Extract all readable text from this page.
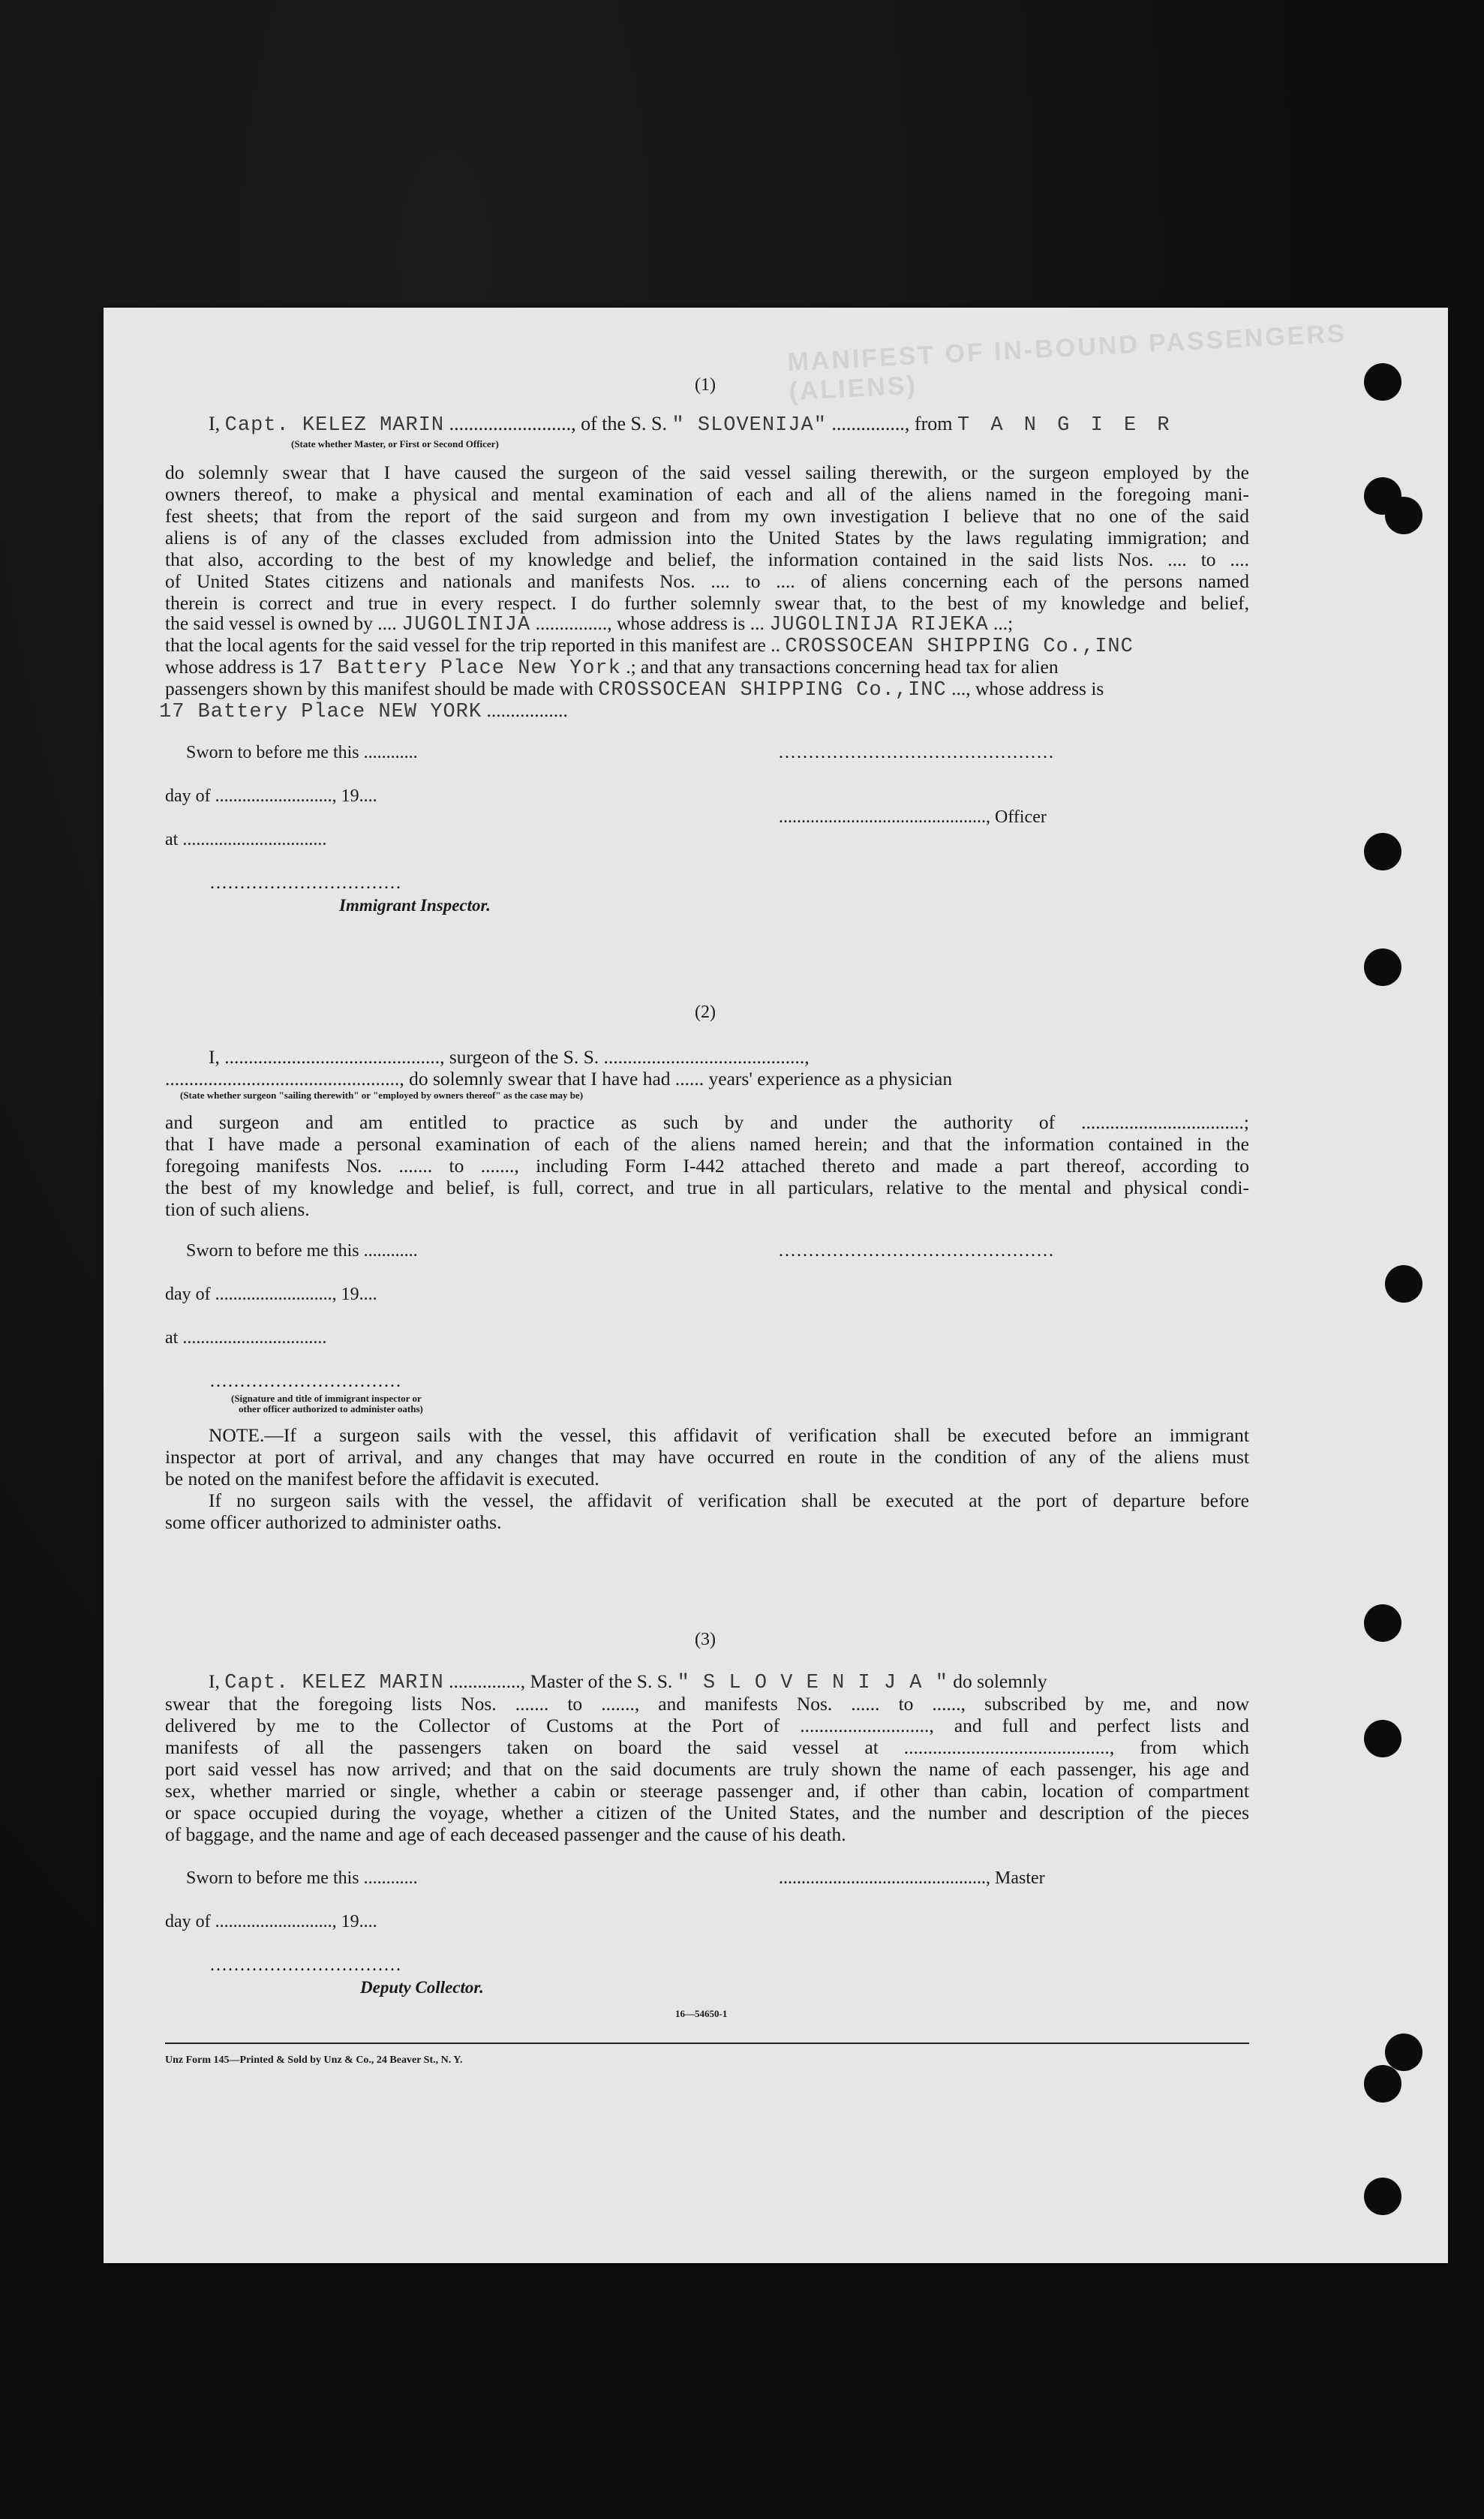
MANIFEST OF IN-BOUND PASSENGERS (ALIENS)
(1)
I, Capt. KELEZ MARIN ........................., of the S. S. " SLOVENIJA" ..............., from T A N G I E R
(State whether Master, or First or Second Officer)
do solemnly swear that I have caused the surgeon of the said vessel sailing therewith, or the surgeon employed by the
owners thereof, to make a physical and mental examination of each and all of the aliens named in the foregoing mani-
fest sheets; that from the report of the said surgeon and from my own investigation I believe that no one of the said
aliens is of any of the classes excluded from admission into the United States by the laws regulating immigration; and
that also, according to the best of my knowledge and belief, the information contained in the said lists Nos. .... to ....
of United States citizens and nationals and manifests Nos. .... to .... of aliens concerning each of the persons named
therein is correct and true in every respect. I do further solemnly swear that, to the best of my knowledge and belief,
the said vessel is owned by .... JUGOLINIJA ..............., whose address is ... JUGOLINIJA RIJEKA ...;
that the local agents for the said vessel for the trip reported in this manifest are .. CROSSOCEAN SHIPPING Co.,INC
whose address is 17 Battery Place New York .; and that any transactions concerning head tax for alien
passengers shown by this manifest should be made with CROSSOCEAN SHIPPING Co.,INC ..., whose address is
17 Battery Place NEW YORK .................
Sworn to before me this ............	..............................................
day of .........................., 19....
.............................................., Officer
at ................................
................................
Immigrant Inspector.
(2)
I, ............................................., surgeon of the S. S. ..........................................,
................................................., do solemnly swear that I have had ...... years' experience as a physician
(State whether surgeon "sailing therewith" or "employed by owners thereof" as the case may be)
and surgeon and am entitled to practice as such by and under the authority of ..................................;
that I have made a personal examination of each of the aliens named herein; and that the information contained in the
foregoing manifests Nos. ....... to ......., including Form I-442 attached thereto and made a part thereof, according to
the best of my knowledge and belief, is full, correct, and true in all particulars, relative to the mental and physical condi-
tion of such aliens.
Sworn to before me this ............	..............................................
day of .........................., 19....
at ................................
................................
(Signature and title of immigrant inspector or
other officer authorized to administer oaths)
NOTE.—If a surgeon sails with the vessel, this affidavit of verification shall be executed before an immigrant
inspector at port of arrival, and any changes that may have occurred en route in the condition of any of the aliens must
be noted on the manifest before the affidavit is executed.
If no surgeon sails with the vessel, the affidavit of verification shall be executed at the port of departure before
some officer authorized to administer oaths.
(3)
I, Capt. KELEZ MARIN ..............., Master of the S. S. " S L O V E N I J A " do solemnly
swear that the foregoing lists Nos. ....... to ......., and manifests Nos. ...... to ......, subscribed by me, and now
delivered by me to the Collector of Customs at the Port of ..........................., and full and perfect lists and
manifests of all the passengers taken on board the said vessel at ..........................................., from which
port said vessel has now arrived; and that on the said documents are truly shown the name of each passenger, his age and
sex, whether married or single, whether a cabin or steerage passenger and, if other than cabin, location of compartment
or space occupied during the voyage, whether a citizen of the United States, and the number and description of the pieces
of baggage, and the name and age of each deceased passenger and the cause of his death.
Sworn to before me this ............	.............................................., Master
day of .........................., 19....
................................
Deputy Collector.
16—54650-1
Unz Form 145—Printed & Sold by Unz & Co., 24 Beaver St., N. Y.
